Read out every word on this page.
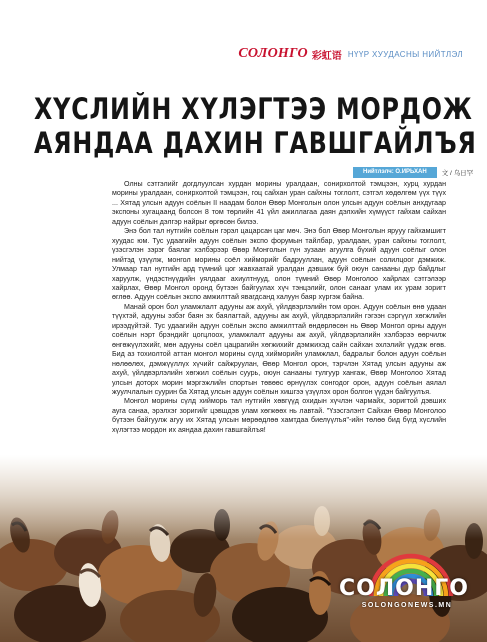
СОЛОНГО 彩虹语 НҮҮР ХУУДАСНЫ НИЙТЛЭЛ
ХҮСЛИЙН ХҮЛЭГТЭЭ МОРДОЖ
АЯНДАА ДАХИН ГАВШГАЙЛЪЯ
Нийтлэлч: О.ИРЬХАН	文 / 乌日罕

Олны сэтгэлийг догдлуулсан хурдан морины уралдаан, сонирхолтой тэмцээн, хурц хурдан морины уралдаан, сонирхолтой тэмцээн, гоц сайхан уран сайхны тоглолт, сэтгэл хөдөлгөм үүх түүх ... Хятад улсын адуун соёлын II наадам болон Өвөр Монголын олон улсын адуун соёлын анхдугаар экспоны хугацаанд болсон 8 том төрлийн 41 үйл ажиллагаа даян дэлхийн хүмүүст гайхам сайхан адуун соёлын дэлгэр найрыг өргөсөн билээ.

Энэ бол тал нутгийн соёлын гэрэл цацарсан цаг мөч. Энэ бол Өвөр Монголын ярууу гайхамшигт хуудас юм. Тус удаагийн адуун соёлын экспо форумын тайлбар, уралдаан, уран сайхны тоглолт, үзэсгэлэн зэрэг баялаг хэлбэрээр Өвөр Монголын гүн зузаан агуулга бүхий адуун соёлыг олон нийтэд үзүүлж, монгол морины соёл хийморийг бадрууллан, адуун соёлын солилцоог дэмжиж. Улмаар тал нутгийн ард түмний цог жавхаатай уралдан дэвшиж буй оюун санааны дүр байдлыг харуулж, үндэстнүүдийн уялдааг ахиултнууд, олон түмний Өвөр Монголоо хайрлах сэтгэлээр хайрлах, Өвөр Монгол оронд бүтээн байгуулах хүч тэнцэлийг, олон санааг улам их урам зоригт өглөө. Адуун соёлын экспо амжилттай явагдсанд халуун баяр хүргэж байна.

Манай орон бол уламжлалт адууны аж ахуй, үйлдвэрлэлийн том орон. Адуун соёлын өнө удаан түүхтэй, адууны эзбэг баян эх баялагтай, адууны аж ахуй, үйлдвэрлэлийн гэгээн сэргүүл хөгжлийн ирээдүйтэй. Тус удаагийн адуун соёлын экспо амжилттай өндөрлөсөн нь Өвөр Монгол орны адуун соёлын нэрт брэндийг цогцлоох, уламжлалт адууны аж ахуй, үйлдвэрлэлийн хэлбэрээ өөрчилж өнгөжүүлэхийг, мөн адууны соёл цацрагийн хөгжихийг дэмжихэд сайн сайхан эхлэлийг үүдэж өгөв. Бид аз тохиолтой аттан монгол морины сүлд хийморийн уламжлал, бадралыг болон адуун соёлын нөлөөлөх, дэмжүүллүх хүчийг сайжруулан, Өвөр Монгол орон, тэрчлэн Хятад улсын адууны аж ахуй, үйлдвэрлэлийн хөгжил соёлын суурь, оюун санааны тулгуур хангаж, Өвөр Монголоо Хятад улсын доторх морин мэргэжлийн спортын төвөөс өрнүүлэх сонгодог орон, адуун соёлын аялал жуулчлалын суурин ба Хятад улсын адуун соёлын хишгээ үзүүлэх орон болгон үүдэн байгуулъя.

Монгол морины сүлд хийморь тал нутгийн хөвгүүд охидын хүчлэн чармайх, зоригтой дэвших ауга санаа, эрэлхэг зоригийг цэвшдэв улам хөгжөөх нь лавтай. "Үзэсгэлэнт Сайхан Өвөр Монголоо бүтээн байгуулж агуу их Хятад улсын мөрөөдлөө хамтдаа биелүүлъя"-ийн төлөө бид бүгд хүслийн хүлэгтээ мордон их аяндаа дахин гавшгайлъя!

СОЛОНГО
SOLONGONEWS.MN
